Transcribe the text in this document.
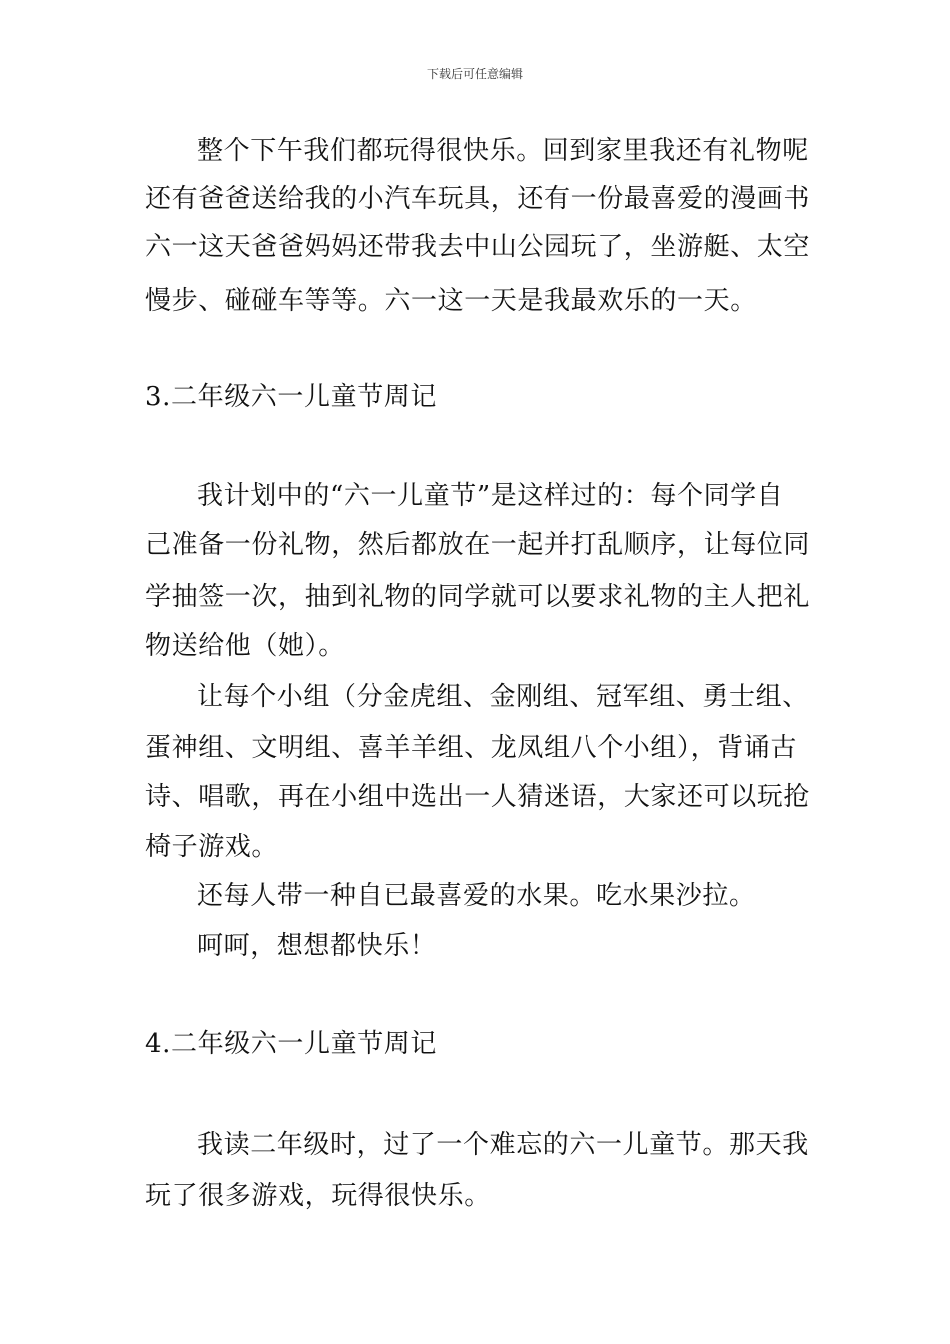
下载后可任意编辑
整个下午我们都玩得很快乐。回到家里我还有礼物呢
还有爸爸送给我的小汽车玩具，还有一份最喜爱的漫画书
六一这天爸爸妈妈还带我去中山公园玩了，坐游艇、太空
慢步、碰碰车等等。六一这一天是我最欢乐的一天。
3.二年级六一儿童节周记
我计划中的“六一儿童节”是这样过的：每个同学自
己准备一份礼物，然后都放在一起并打乱顺序，让每位同
学抽签一次，抽到礼物的同学就可以要求礼物的主人把礼
物送给他（她）。
让每个小组（分金虎组、金刚组、冠军组、勇士组、
蛋神组、文明组、喜羊羊组、龙凤组八个小组），背诵古
诗、唱歌，再在小组中选出一人猜迷语，大家还可以玩抢
椅子游戏。
还每人带一种自已最喜爱的水果。吃水果沙拉。
呵呵，想想都快乐！
4.二年级六一儿童节周记
我读二年级时，过了一个难忘的六一儿童节。那天我
玩了很多游戏，玩得很快乐。
